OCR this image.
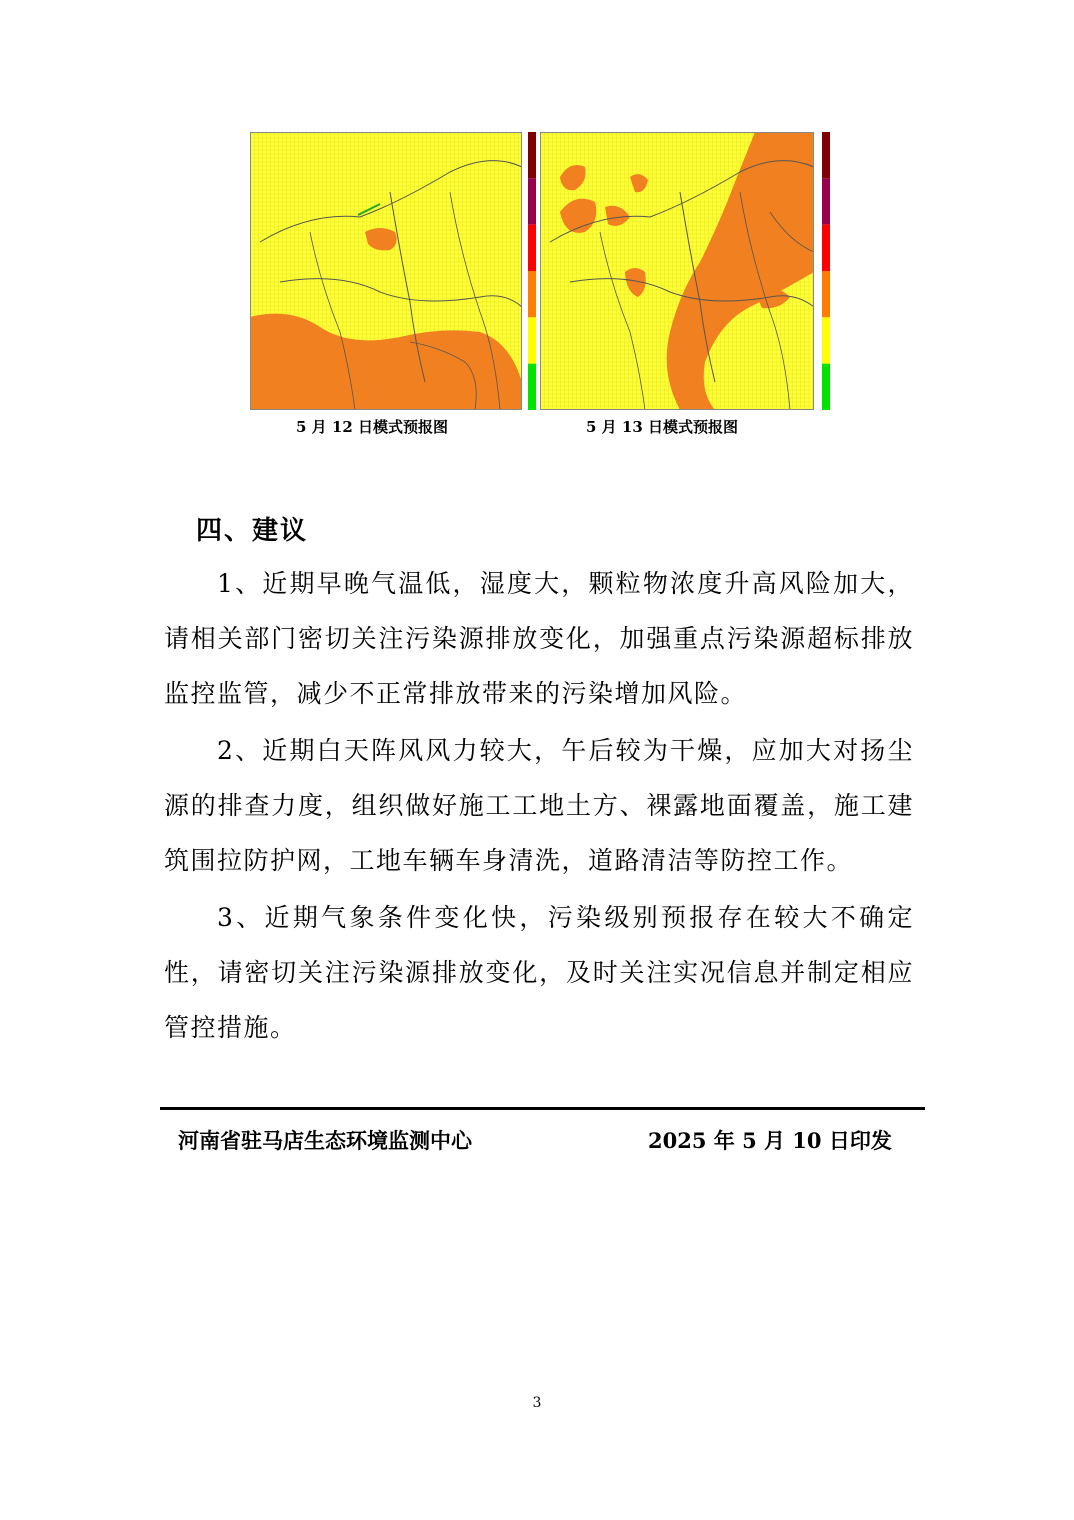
5 月 12 日模式预报图	5 月 13 日模式预报图
四、建议

1、近期早晚气温低，湿度大，颗粒物浓度升高风险加大，请相关部门密切关注污染源排放变化，加强重点污染源超标排放监控监管，减少不正常排放带来的污染增加风险。

2、近期白天阵风风力较大，午后较为干燥，应加大对扬尘源的排查力度，组织做好施工工地土方、裸露地面覆盖，施工建筑围拉防护网，工地车辆车身清洗，道路清洁等防控工作。

3、近期气象条件变化快，污染级别预报存在较大不确定性，请密切关注污染源排放变化，及时关注实况信息并制定相应管控措施。

河南省驻马店生态环境监测中心	2025 年 5 月 10 日印发
3
